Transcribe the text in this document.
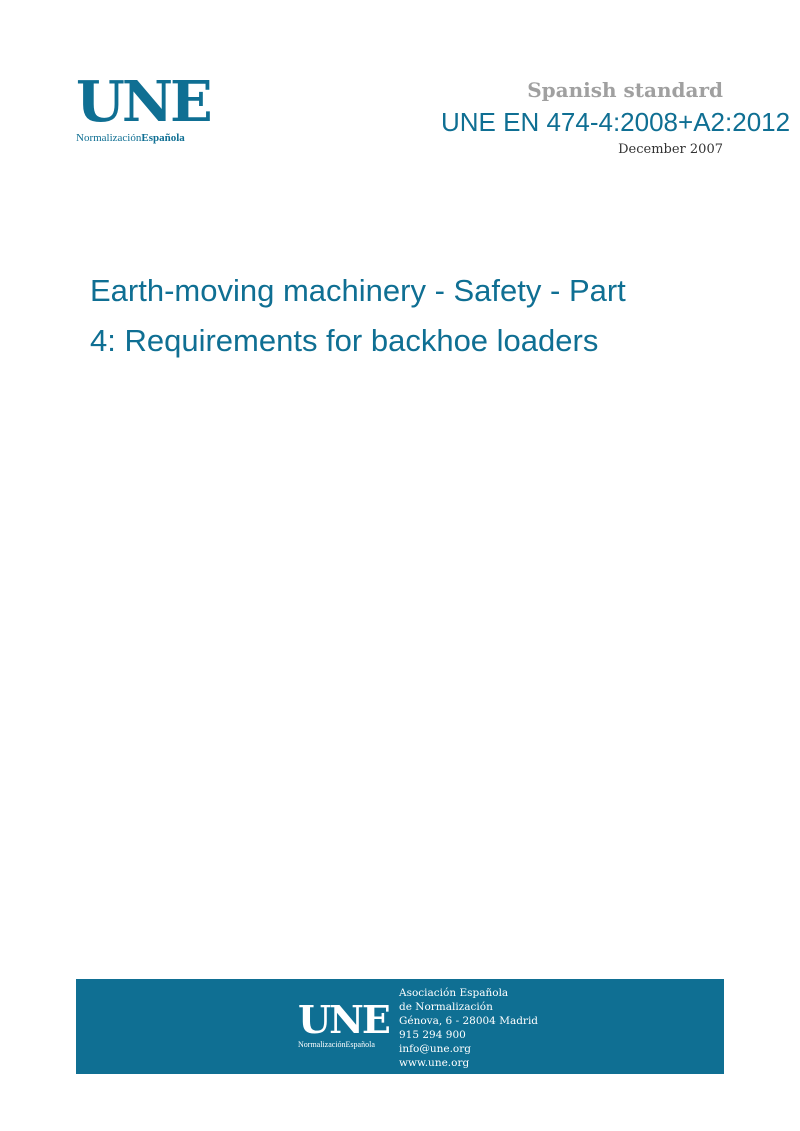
UNE
NormalizaciónEspañola
Spanish standard
UNE EN 474-4:2008+A2:2012
December 2007
Earth-moving machinery - Safety - Part
4: Requirements for backhoe loaders
UNE
NormalizaciónEspañola
Asociación Española
de Normalización
Génova, 6 - 28004 Madrid
915 294 900
info@une.org
www.une.org
